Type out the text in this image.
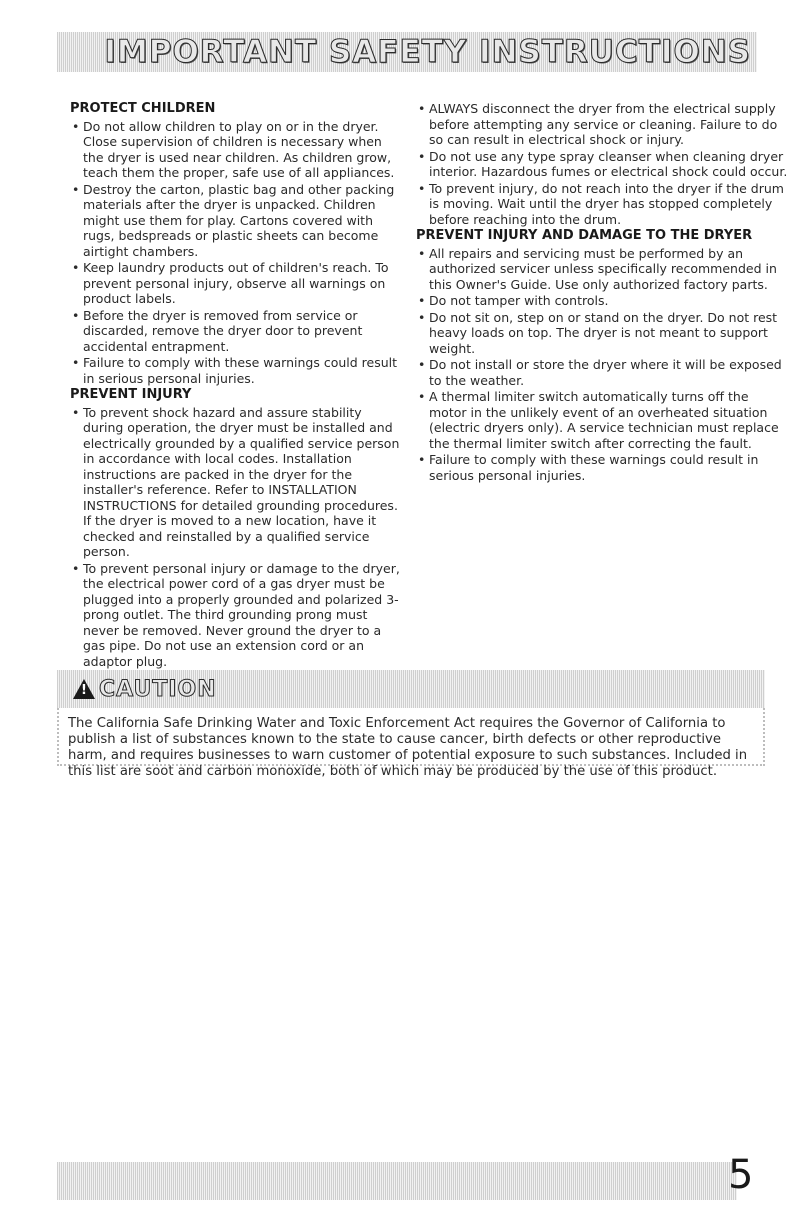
IMPORTANT SAFETY INSTRUCTIONS
PROTECT CHILDREN
• Do not allow children to play on or in the dryer. Close supervision of children is necessary when the dryer is used near children. As children grow, teach them the proper, safe use of all appliances.
• Destroy the carton, plastic bag and other packing materials after the dryer is unpacked. Children might use them for play. Cartons covered with rugs, bedspreads or plastic sheets can become airtight chambers.
• Keep laundry products out of children's reach. To prevent personal injury, observe all warnings on product labels.
• Before the dryer is removed from service or discarded, remove the dryer door to prevent accidental entrapment.
• Failure to comply with these warnings could result in serious personal injuries.
PREVENT INJURY
• To prevent shock hazard and assure stability during operation, the dryer must be installed and electrically grounded by a qualified service person in accordance with local codes. Installation instructions are packed in the dryer for the installer's reference. Refer to INSTALLATION INSTRUCTIONS for detailed grounding procedures. If the dryer is moved to a new location, have it checked and reinstalled by a qualified service person.
• To prevent personal injury or damage to the dryer, the electrical power cord of a gas dryer must be plugged into a properly grounded and polarized 3-prong outlet. The third grounding prong must never be removed. Never ground the dryer to a gas pipe. Do not use an extension cord or an adaptor plug.
• ALWAYS disconnect the dryer from the electrical supply before attempting any service or cleaning. Failure to do so can result in electrical shock or injury.
• Do not use any type spray cleanser when cleaning dryer interior. Hazardous fumes or electrical shock could occur.
• To prevent injury, do not reach into the dryer if the drum is moving. Wait until the dryer has stopped completely before reaching into the drum.
PREVENT INJURY AND DAMAGE TO THE DRYER
• All repairs and servicing must be performed by an authorized servicer unless specifically recommended in this Owner's Guide. Use only authorized factory parts.
• Do not tamper with controls.
• Do not sit on, step on or stand on the dryer. Do not rest heavy loads on top. The dryer is not meant to support weight.
• Do not install or store the dryer where it will be exposed to the weather.
• A thermal limiter switch automatically turns off the motor in the unlikely event of an overheated situation (electric dryers only). A service technician must replace the thermal limiter switch after correcting the fault.
• Failure to comply with these warnings could result in serious personal injuries.
! CAUTION
The California Safe Drinking Water and Toxic Enforcement Act requires the Governor of California to publish a list of substances known to the state to cause cancer, birth defects or other reproductive harm, and requires businesses to warn customer of potential exposure to such substances. Included in this list are soot and carbon monoxide, both of which may be produced by the use of this product.
5
